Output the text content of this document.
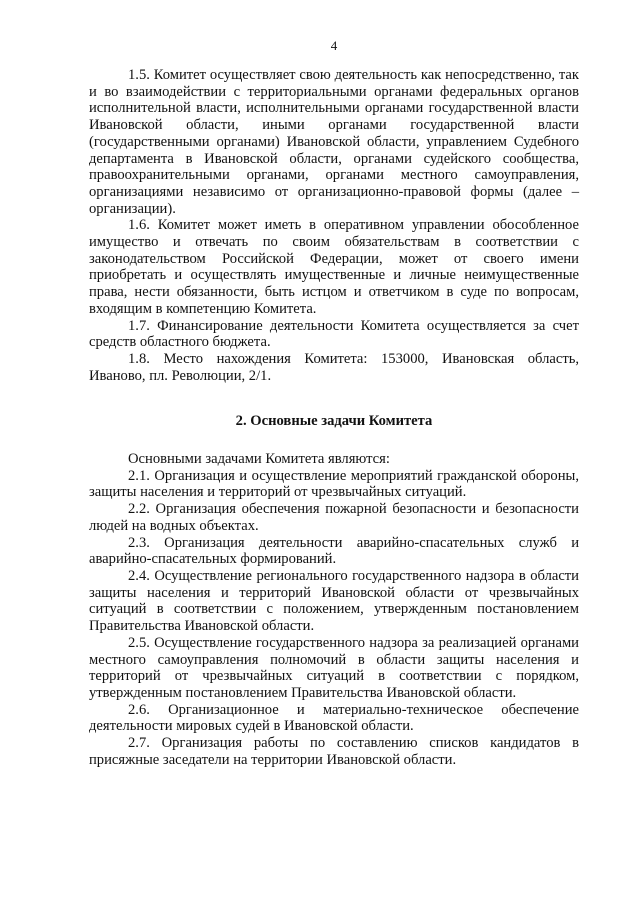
4

1.5. Комитет осуществляет свою деятельность как непосредственно, так и во взаимодействии с территориальными органами федеральных органов исполнительной власти, исполнительными органами государственной власти Ивановской области, иными органами государственной власти (государственными органами) Ивановской области, управлением Судебного департамента в Ивановской области, органами судейского сообщества, правоохранительными органами, органами местного самоуправления, организациями независимо от организационно-правовой формы (далее – организации).

1.6. Комитет может иметь в оперативном управлении обособленное имущество и отвечать по своим обязательствам в соответствии с законодательством Российской Федерации, может от своего имени приобретать и осуществлять имущественные и личные неимущественные права, нести обязанности, быть истцом и ответчиком в суде по вопросам, входящим в компетенцию Комитета.

1.7. Финансирование деятельности Комитета осуществляется за счет средств областного бюджета.

1.8. Место нахождения Комитета: 153000, Ивановская область, Иваново, пл. Революции, 2/1.

2. Основные задачи Комитета

Основными задачами Комитета являются:

2.1. Организация и осуществление мероприятий гражданской обороны, защиты населения и территорий от чрезвычайных ситуаций.

2.2. Организация обеспечения пожарной безопасности и безопасности людей на водных объектах.

2.3. Организация деятельности аварийно-спасательных служб и аварийно-спасательных формирований.

2.4. Осуществление регионального государственного надзора в области защиты населения и территорий Ивановской области от чрезвычайных ситуаций в соответствии с положением, утвержденным постановлением Правительства Ивановской области.

2.5. Осуществление государственного надзора за реализацией органами местного самоуправления полномочий в области защиты населения и территорий от чрезвычайных ситуаций в соответствии с порядком, утвержденным постановлением Правительства Ивановской области.

2.6. Организационное и материально-техническое обеспечение деятельности мировых судей в Ивановской области.

2.7. Организация работы по составлению списков кандидатов в присяжные заседатели на территории Ивановской области.
